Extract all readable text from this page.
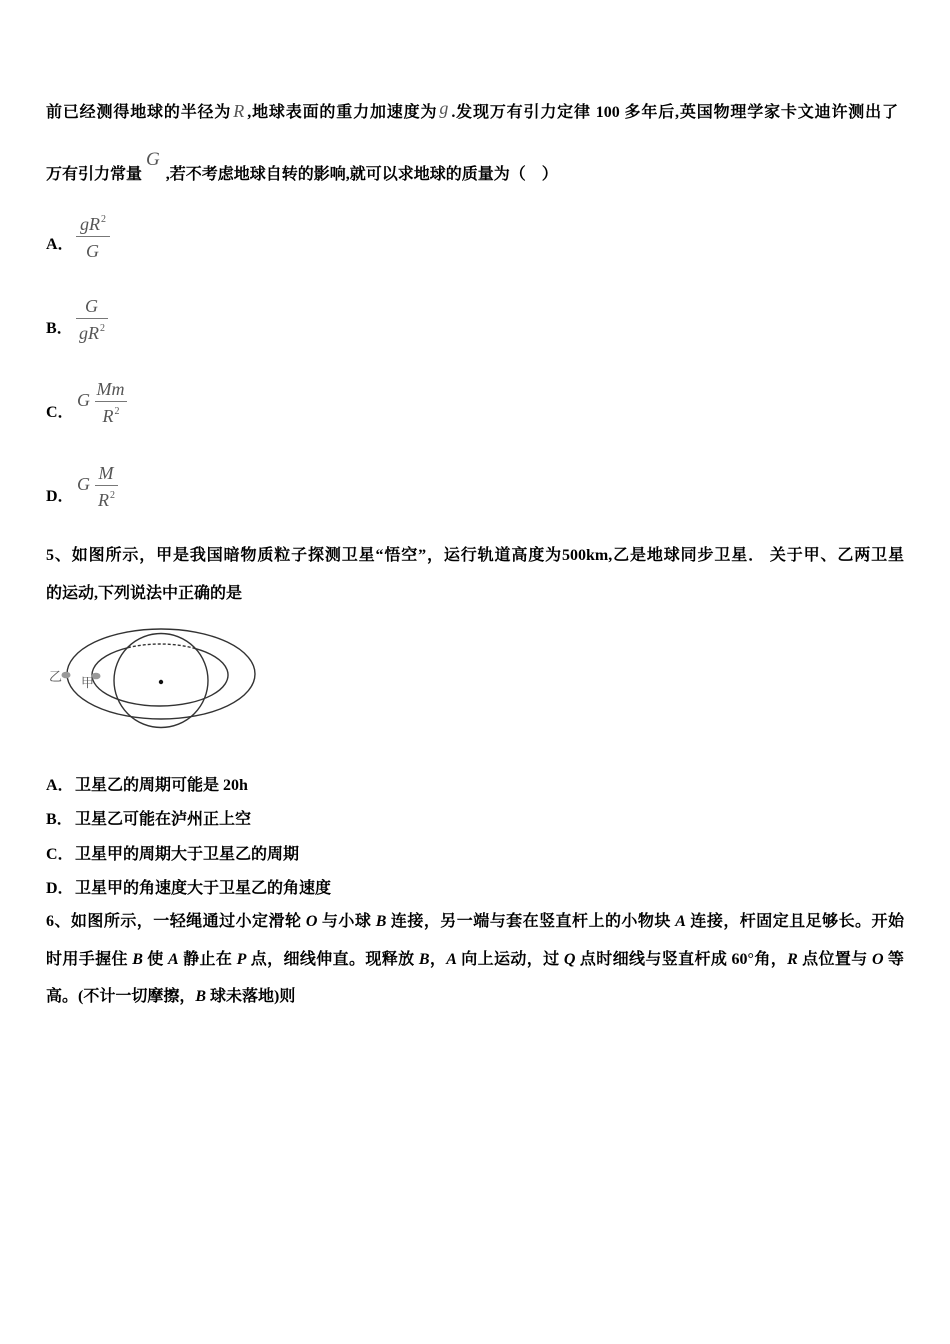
前已经测得地球的半径为 R ,地球表面的重力加速度为 g .发现万有引力定律 100 多年后,英国物理学家卡文迪许测出了
万有引力常量G,若不考虑地球自转的影响,就可以求地球的质量为（　）
A．
$gR^2$
G
B．
G
$gR^2$
C．
G
Mm
$R^2$
D．
G
M
$R^2$
5、如图所示，甲是我国暗物质粒子探测卫星“悟空”，运行轨道高度为500km,乙是地球同步卫星． 关于甲、乙两卫星
的运动,下列说法中正确的是
乙 甲
A．卫星乙的周期可能是 20h
B． 卫星乙可能在泸州正上空
C．卫星甲的周期大于卫星乙的周期
D．卫星甲的角速度大于卫星乙的角速度
6、如图所示，一轻绳通过小定滑轮 O 与小球 B 连接，另一端与套在竖直杆上的小物块 A 连接，杆固定且足够长。开始
时用手握住 B 使 A 静止在 P 点，细线伸直。现释放 B，A 向上运动，过 Q 点时细线与竖直杆成 60°角，R 点位置与 O 等
高。(不计一切摩擦，B 球未落地)则
